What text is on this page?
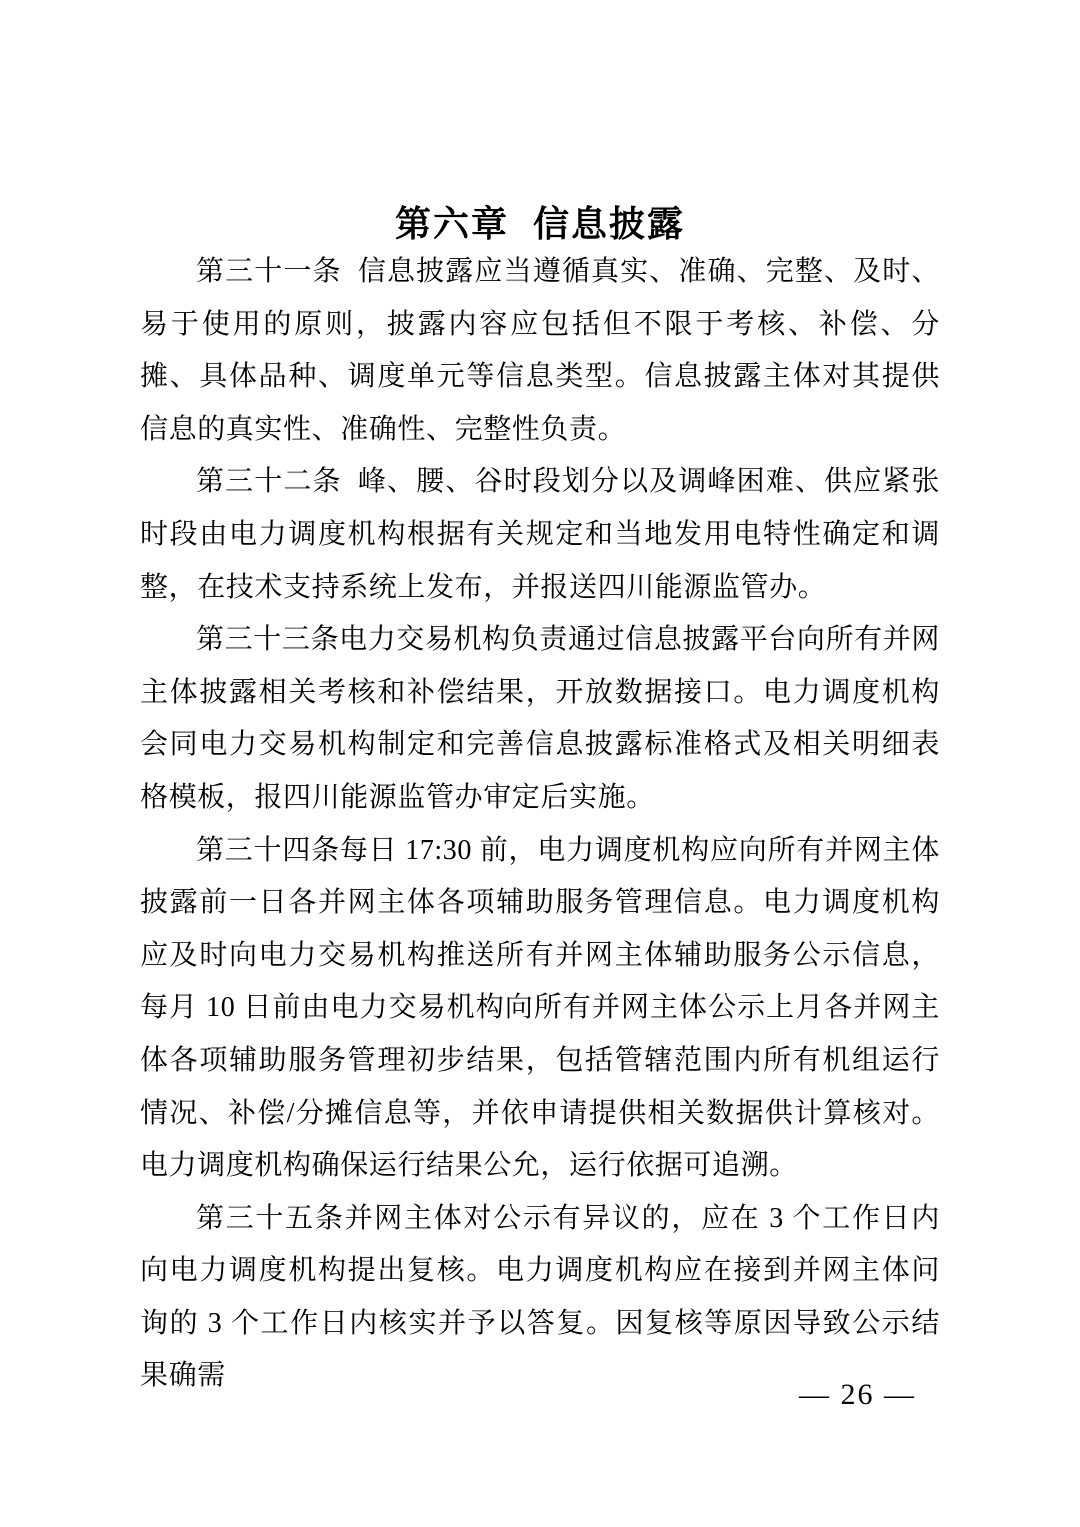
第六章  信息披露

第三十一条  信息披露应当遵循真实、准确、完整、及时、易于使用的原则，披露内容应包括但不限于考核、补偿、分摊、具体品种、调度单元等信息类型。信息披露主体对其提供信息的真实性、准确性、完整性负责。

第三十二条  峰、腰、谷时段划分以及调峰困难、供应紧张时段由电力调度机构根据有关规定和当地发用电特性确定和调整，在技术支持系统上发布，并报送四川能源监管办。

第三十三条电力交易机构负责通过信息披露平台向所有并网主体披露相关考核和补偿结果，开放数据接口。电力调度机构会同电力交易机构制定和完善信息披露标准格式及相关明细表格模板，报四川能源监管办审定后实施。

第三十四条每日 17:30 前，电力调度机构应向所有并网主体披露前一日各并网主体各项辅助服务管理信息。电力调度机构应及时向电力交易机构推送所有并网主体辅助服务公示信息，每月 10 日前由电力交易机构向所有并网主体公示上月各并网主体各项辅助服务管理初步结果，包括管辖范围内所有机组运行情况、补偿/分摊信息等，并依申请提供相关数据供计算核对。电力调度机构确保运行结果公允，运行依据可追溯。

第三十五条并网主体对公示有异议的，应在 3 个工作日内向电力调度机构提出复核。电力调度机构应在接到并网主体问询的 3 个工作日内核实并予以答复。因复核等原因导致公示结果确需

— 26 —
